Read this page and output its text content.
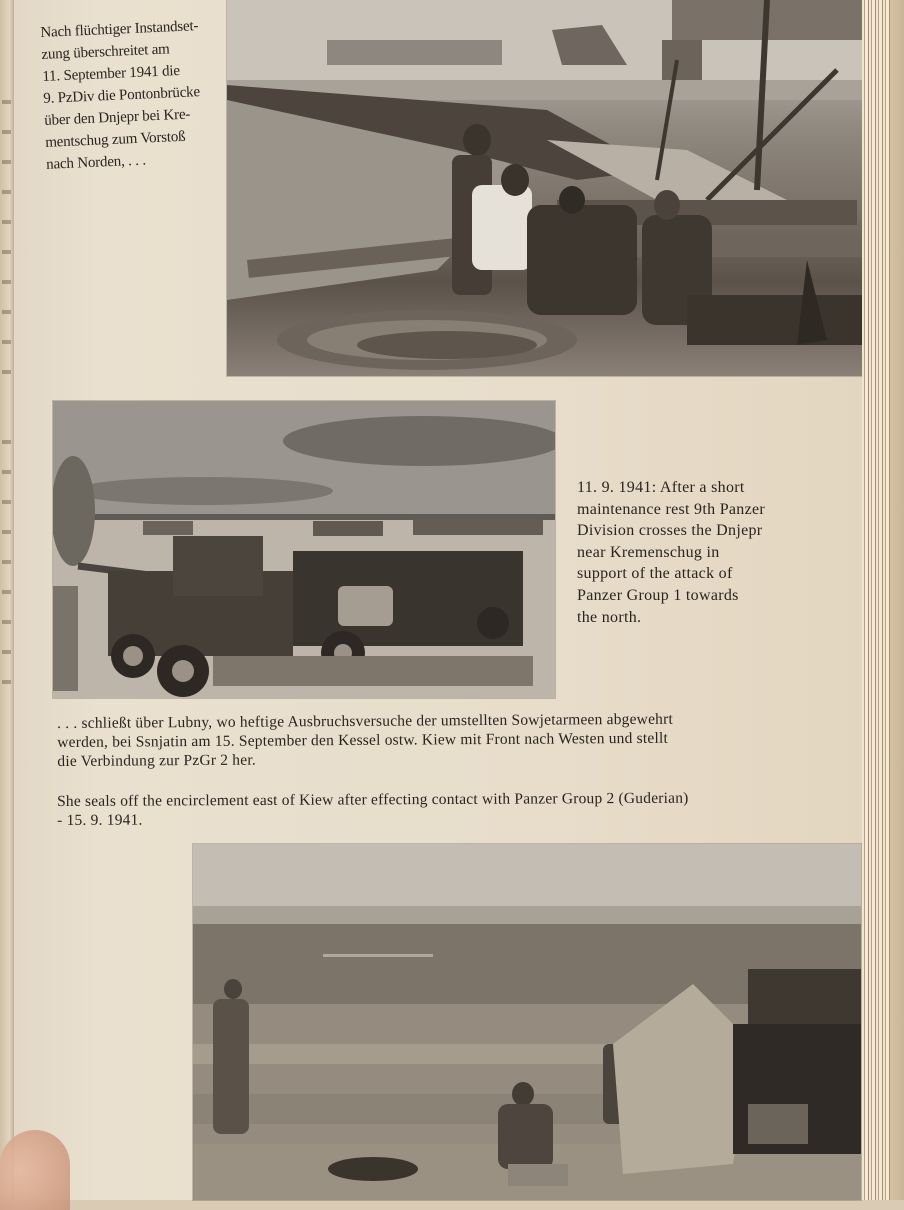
Nach flüchtiger Instandset-
zung überschreitet am
11. September 1941 die
9. PzDiv die Pontonbrücke
über den Dnjepr bei Kre-
mentschug zum Vorstoß
nach Norden, . . .
11. 9. 1941: After a short
maintenance rest 9th Panzer
Division crosses the Dnjepr
near Kremenschug in
support of the attack of
Panzer Group 1 towards
the north.
. . . schließt über Lubny, wo heftige Ausbruchsversuche der umstellten Sowjetarmeen abgewehrt
werden, bei Ssnjatin am 15. September den Kessel ostw. Kiew mit Front nach Westen und stellt
die Verbindung zur PzGr 2 her.
She seals off the encirclement east of Kiew after effecting contact with Panzer Group 2 (Guderian)
- 15. 9. 1941.
